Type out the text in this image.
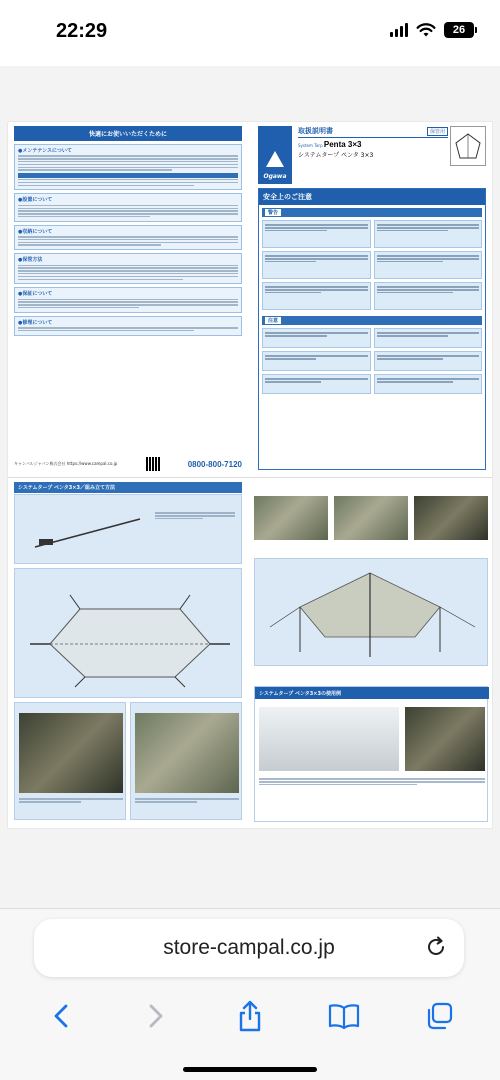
22:29	26
快適にお使いいただくために
●メンテナンスについて
●設置について
●収納について
●保管方法
●保証について
●修理について
キャンパルジャパン株式会社 https://www.campal.co.jp	0800-800-7120
Ogawa
取扱説明書	保管用
System Tarp Penta 3×3
システムタープ ペンタ 3×3
安全上のご注意
警告
注意
システムタープ ペンタ3×3／組み立て方法
システムタープ ペンタ3×3の使用例
store-campal.co.jp
